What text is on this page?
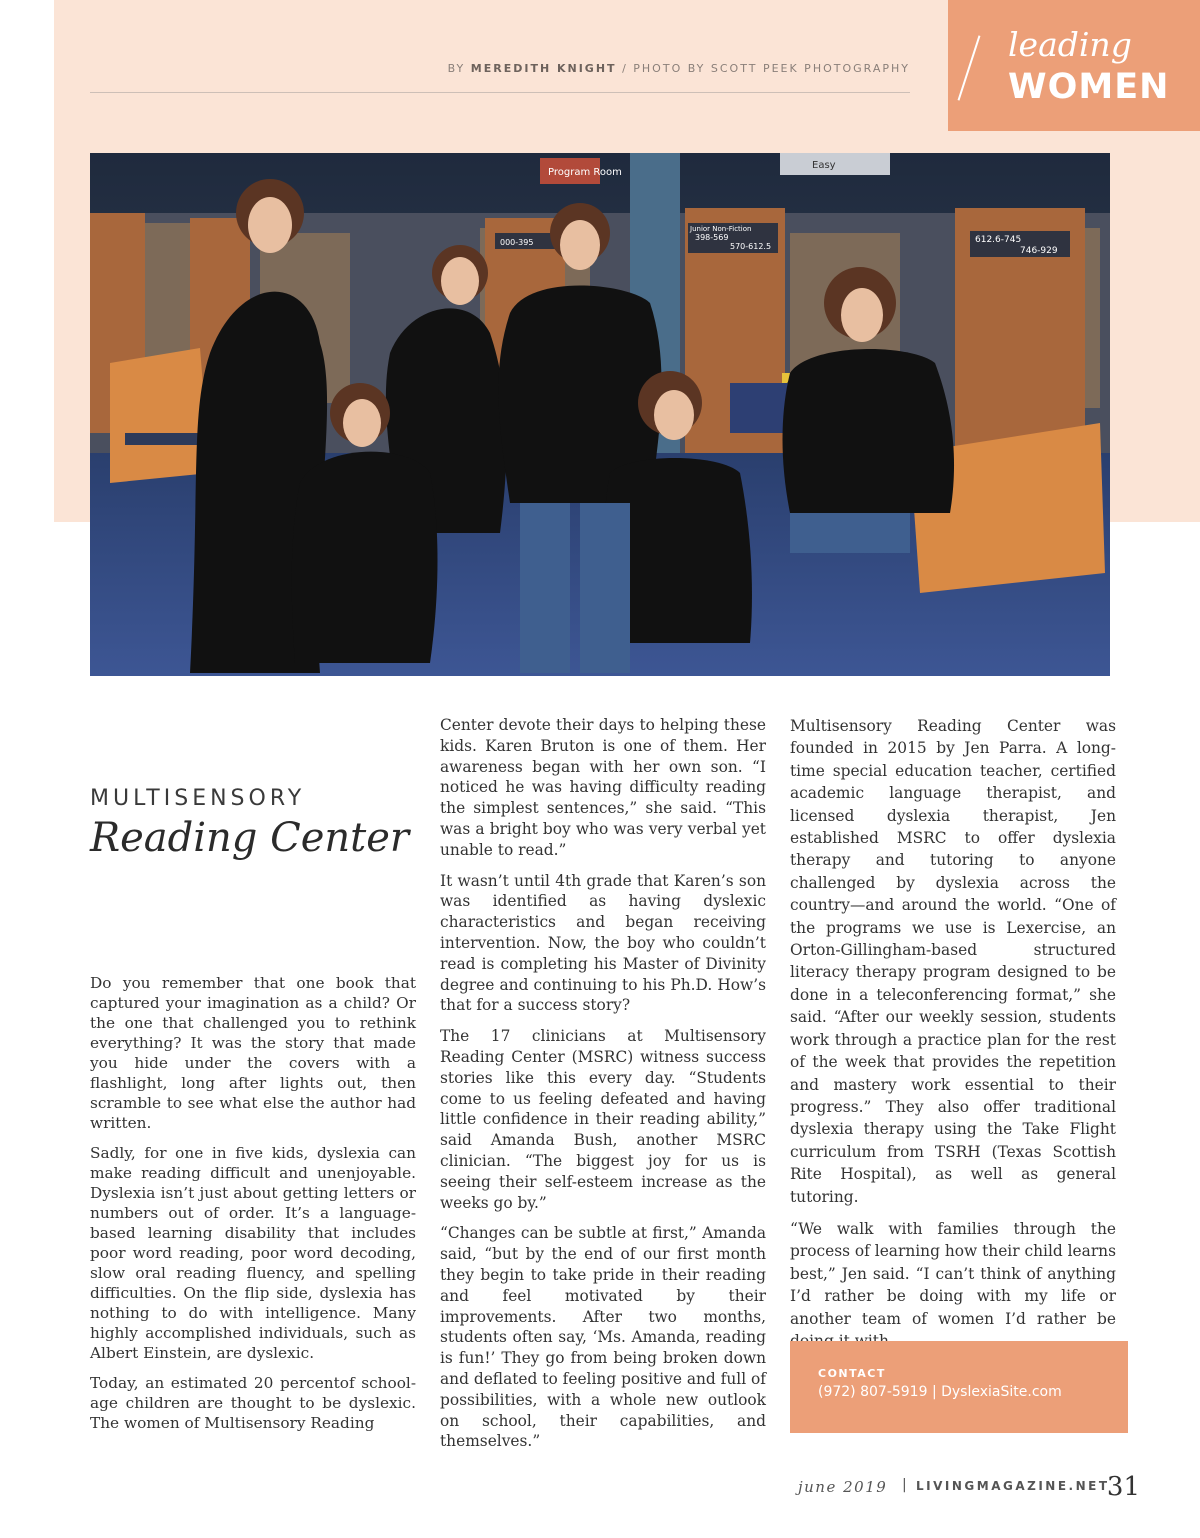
BY MEREDITH KNIGHT / PHOTO BY SCOTT PEEK PHOTOGRAPHY
leading
WOMEN
Program Room
Easy
Junior Non-Fiction
398-569
570-612.5
612.6-745
746-929
000-395
MULTISENSORY
Reading Center

Do you remember that one book that captured your imagination as a child? Or the one that challenged you to rethink everything? It was the story that made you hide under the covers with a flashlight, long after lights out, then scramble to see what else the author had written.

Sadly, for one in five kids, dyslexia can make reading difficult and unenjoyable. Dyslexia isn’t just about getting letters or numbers out of order. It’s a language-based learning disability that includes poor word reading, poor word decoding, slow oral reading fluency, and spelling difficulties. On the flip side, dyslexia has nothing to do with intelligence. Many highly accomplished individuals, such as Albert Einstein, are dyslexic.

Today, an estimated 20 percentof school-age children are thought to be dyslexic. The women of Multisensory Reading

Center devote their days to helping these kids. Karen Bruton is one of them. Her awareness began with her own son. “I noticed he was having difficulty reading the simplest sentences,” she said. “This was a bright boy who was very verbal yet unable to read.”

It wasn’t until 4th grade that Karen’s son was identified as having dyslexic characteristics and began receiving intervention. Now, the boy who couldn’t read is completing his Master of Divinity degree and continuing to his Ph.D. How’s that for a success story?

The 17 clinicians at Multisensory Reading Center (MSRC) witness success stories like this every day. “Students come to us feeling defeated and having little confidence in their reading ability,” said Amanda Bush, another MSRC clinician. “The biggest joy for us is seeing their self-esteem increase as the weeks go by.”

“Changes can be subtle at first,” Amanda said, “but by the end of our first month they begin to take pride in their reading and feel motivated by their improvements. After two months, students often say, ‘Ms. Amanda, reading is fun!’ They go from being broken down and deflated to feeling positive and full of possibilities, with a whole new outlook on school, their capabilities, and themselves.”

Multisensory Reading Center was founded in 2015 by Jen Parra. A long-time special education teacher, certified academic language therapist, and licensed dyslexia therapist, Jen established MSRC to offer dyslexia therapy and tutoring to anyone challenged by dyslexia across the country—and around the world. “One of the programs we use is Lexercise, an Orton-Gillingham-based structured literacy therapy program designed to be done in a teleconferencing format,” she said. “After our weekly session, students work through a practice plan for the rest of the week that provides the repetition and mastery work essential to their progress.” They also offer traditional dyslexia therapy using the Take Flight curriculum from TSRH (Texas Scottish Rite Hospital), as well as general tutoring.

“We walk with families through the process of learning how their child learns best,” Jen said. “I can’t think of anything I’d rather be doing with my life or another team of women I’d rather be

CONTACT
(972) 807-5919 | DyslexiaSite.com
june 2019 | LIVINGMAGAZINE.NET
31
